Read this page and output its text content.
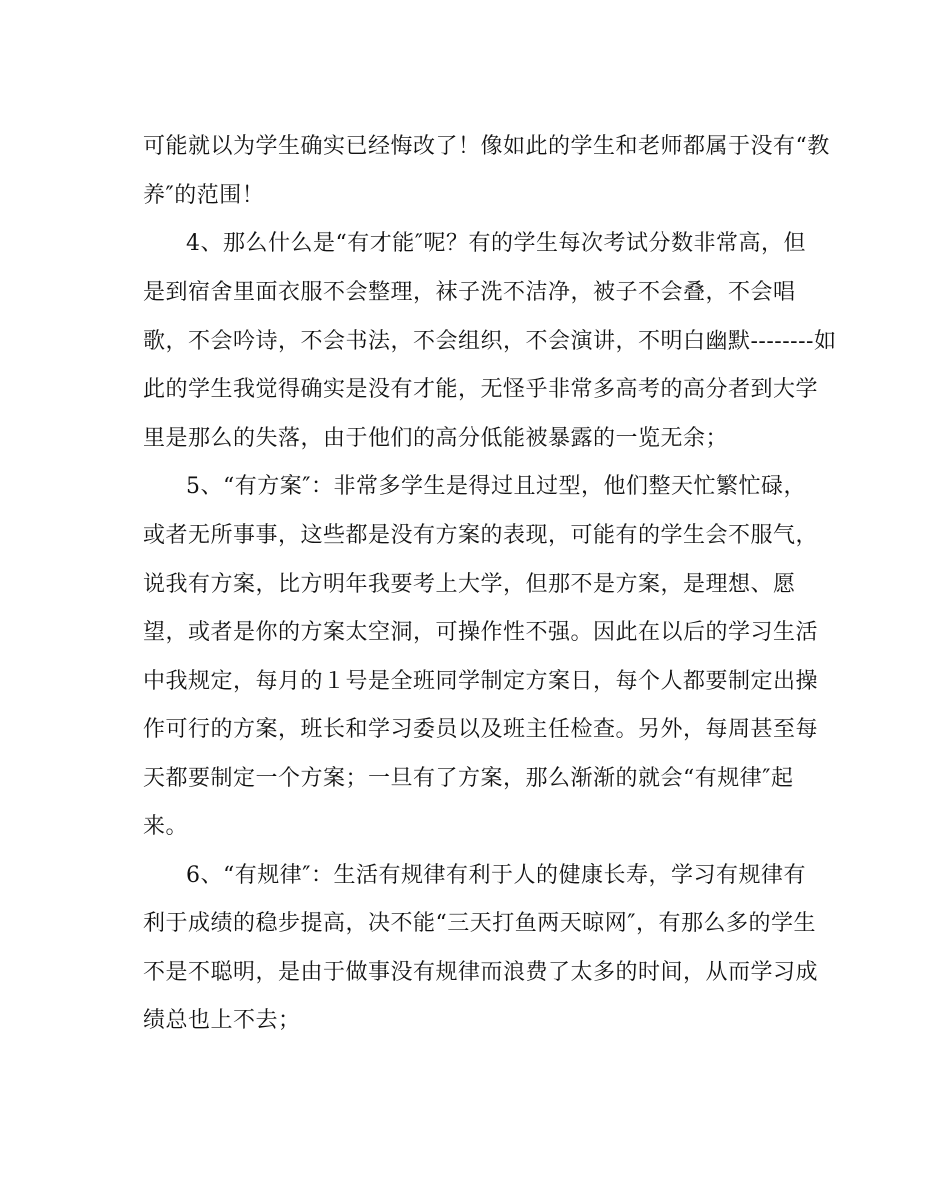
可能就以为学生确实已经悔改了！像如此的学生和老师都属于没有“教
养″的范围！
4、那么什么是“有才能″呢？有的学生每次考试分数非常高，但
是到宿舍里面衣服不会整理，袜子洗不洁净，被子不会叠，不会唱
歌，不会吟诗，不会书法，不会组织，不会演讲，不明白幽默--------如
此的学生我觉得确实是没有才能，无怪乎非常多高考的高分者到大学
里是那么的失落，由于他们的高分低能被暴露的一览无余；
5、“有方案″：非常多学生是得过且过型，他们整天忙繁忙碌，
或者无所事事，这些都是没有方案的表现，可能有的学生会不服气，
说我有方案，比方明年我要考上大学，但那不是方案，是理想、愿
望，或者是你的方案太空洞，可操作性不强。因此在以后的学习生活
中我规定，每月的１号是全班同学制定方案日，每个人都要制定出操
作可行的方案，班长和学习委员以及班主任检查。另外，每周甚至每
天都要制定一个方案；一旦有了方案，那么渐渐的就会“有规律″起
来。
6、“有规律″：生活有规律有利于人的健康长寿，学习有规律有
利于成绩的稳步提高，决不能“三天打鱼两天晾网″，有那么多的学生
不是不聪明，是由于做事没有规律而浪费了太多的时间，从而学习成
绩总也上不去；
